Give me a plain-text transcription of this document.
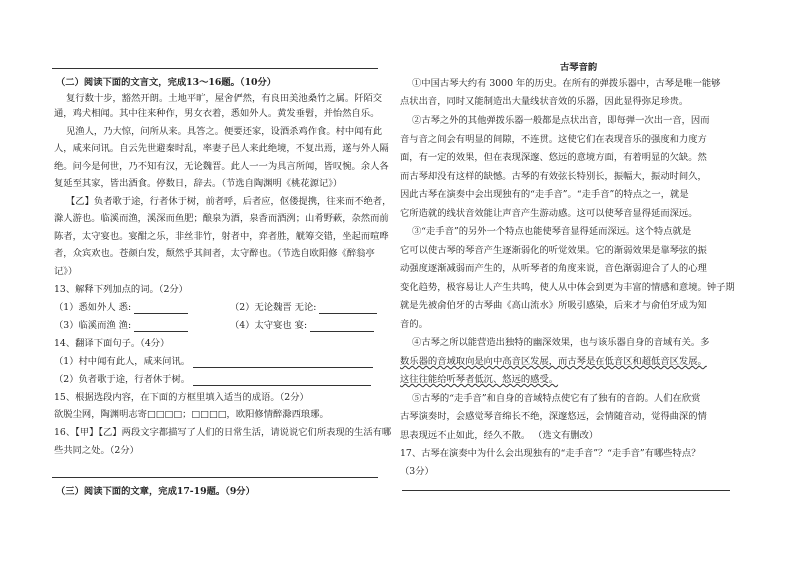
（二）阅读下面的文言文，完成13～16题。（10分）
复行数十步，豁然开朗。土地平旷，屋舍俨然，有良田美池桑竹之属。阡陌交
通，鸡犬相闻。其中往来种作，男女衣着，悉如外人。黄发垂髫，并怡然自乐。
见渔人，乃大惊，问所从来。具答之。便要还家，设酒杀鸡作食。村中闻有此
人，咸来问讯。自云先世避秦时乱，率妻子邑人来此绝境，不复出焉，遂与外人隔
绝。问今是何世，乃不知有汉，无论魏晋。此人一一为具言所闻，皆叹惋。余人各
复延至其家，皆出酒食。停数日，辞去。（节选自陶渊明《桃花源记》）
【乙】负者歌于途，行者休于树，前者呼，后者应，伛偻提携，往来而不绝者，
滁人游也。临溪而渔，溪深而鱼肥；酿泉为酒，泉香而酒洌；山肴野蔌，杂然而前
陈者，太守宴也。宴酣之乐，非丝非竹，射者中，弈者胜，觥筹交错，坐起而喧哗
者，众宾欢也。苍颜白发，颓然乎其间者，太守醉也。（节选自欧阳修《醉翁亭
记》）
13、解释下列加点的词。（2分）
（1）悉如外人 悉:	（2）无论魏晋 无论:
（3）临溪而渔 渔:	（4）太守宴也 宴:
14、翻译下面句子。（4分）
（1）村中闻有此人，咸来问讯。
（2）负者歌于途，行者休于树。
15、根据选段内容，在下面的方框里填入适当的成语。（2分）
欲脱尘网，陶渊明志寄□□□□；□□□□，欧阳修情醉滁西琅琊。
16、【甲】【乙】两段文字都描写了人们的日常生活，请说说它们所表现的生活有哪
些共同之处。（2分）
（三）阅读下面的文章，完成17-19题。（9分）
古琴音韵
①中国古琴大约有 3000 年的历史。在所有的弹拨乐器中，古琴是唯一能够
点状出音，同时又能制造出大量线状音效的乐器，因此显得弥足珍贵。
②古琴之外的其他弹拨乐器一般都是点状出音，即每弹一次出一音，因而
音与音之间会有明显的间隙，不连贯。这使它们在表现音乐的强度和力度方
面，有一定的效果，但在表现深邃、悠远的意境方面，有着明显的欠缺。然
而古琴却没有这样的缺憾。古琴的有效弦长特别长，振幅大，振动时间久，
因此古琴在演奏中会出现独有的“走手音”。“走手音”的特点之一，就是
它所造就的线状音效能让声音产生游动感。这可以使琴音显得延而深远。
③“走手音”的另外一个特点也能使琴音显得延而深远。这个特点就是
它可以使古琴的琴音产生逐渐弱化的听觉效果。它的渐弱效果是靠琴弦的振
动强度逐渐减弱而产生的，从听琴者的角度来说，音色渐弱迎合了人的心理
变化趋势，极容易让人产生共鸣，使人从中体会到更为丰富的情感和意境。钟子期
就是先被俞伯牙的古琴曲《高山流水》所吸引感染，后来才与俞伯牙成为知
音的。
④古琴之所以能营造出独特的幽深效果，也与该乐器自身的音域有关。多
数乐器的音域取向是向中高音区发展，而古琴是在低音区和超低音区发展。
这往往能给听琴者低沉、悠远的感受。
⑤古琴的“走手音”和自身的音域特点使它有了独有的音韵。人们在欣赏
古琴演奏时，会感觉琴音绵长不绝，深邃悠远，会情随音动，觉得曲深的情
思表现远不止如此，经久不散。 （选文有删改）
17、古琴在演奏中为什么会出现独有的“走手音”？“走手音”有哪些特点？
（3分）
